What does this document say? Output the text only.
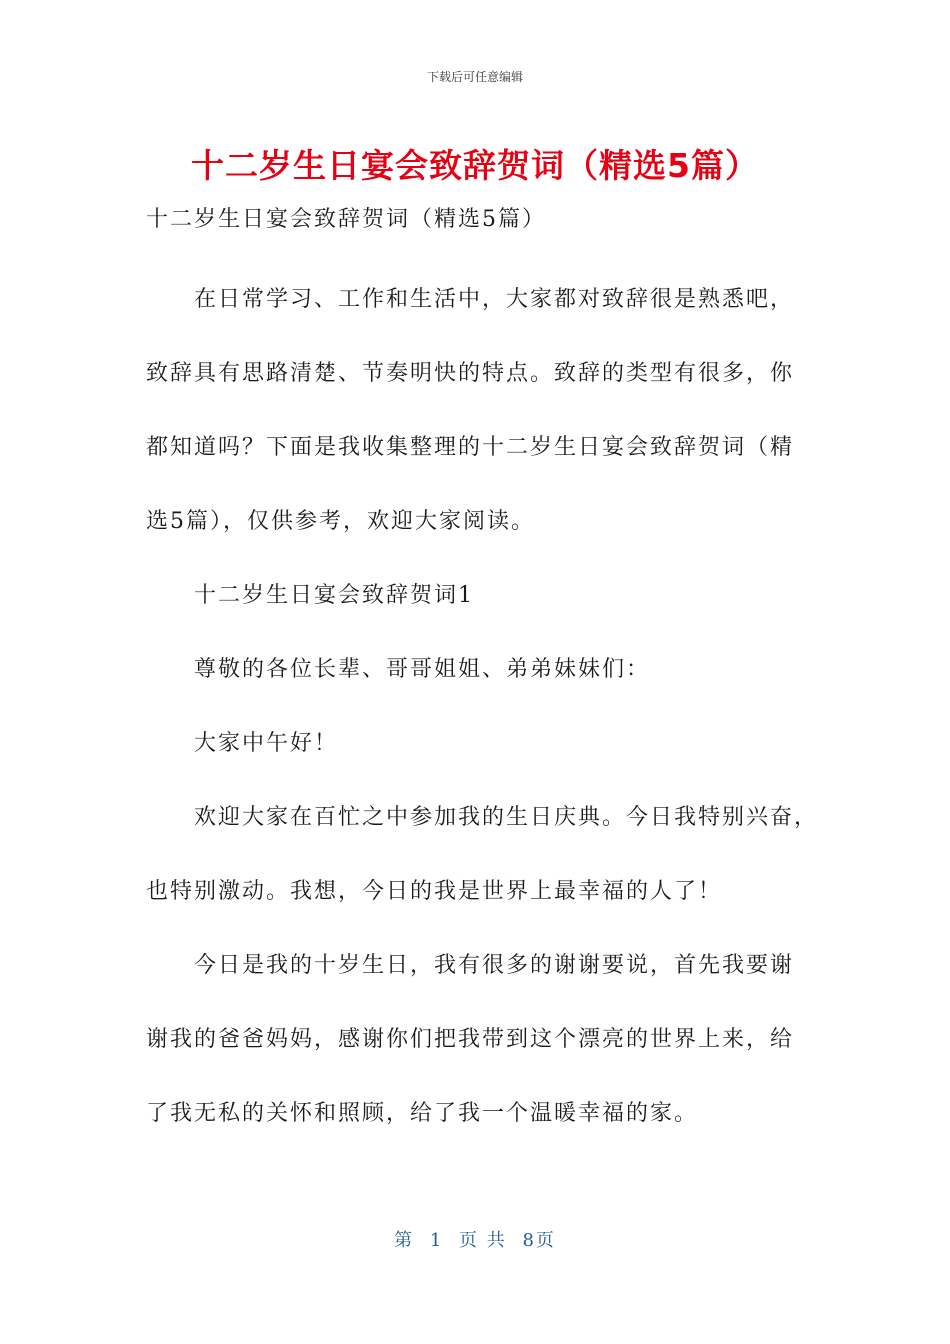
下载后可任意编辑
十二岁生日宴会致辞贺词（精选5篇）
十二岁生日宴会致辞贺词（精选5篇）
在日常学习、工作和生活中，大家都对致辞很是熟悉吧，
致辞具有思路清楚、节奏明快的特点。致辞的类型有很多，你
都知道吗？下面是我收集整理的十二岁生日宴会致辞贺词（精
选5篇），仅供参考，欢迎大家阅读。
十二岁生日宴会致辞贺词1
尊敬的各位长辈、哥哥姐姐、弟弟妹妹们：
大家中午好！
欢迎大家在百忙之中参加我的生日庆典。今日我特别兴奋，
也特别激动。我想，今日的我是世界上最幸福的人了！
今日是我的十岁生日，我有很多的谢谢要说，首先我要谢
谢我的爸爸妈妈，感谢你们把我带到这个漂亮的世界上来，给
了我无私的关怀和照顾，给了我一个温暖幸福的家。
第 1 页 共 8页
